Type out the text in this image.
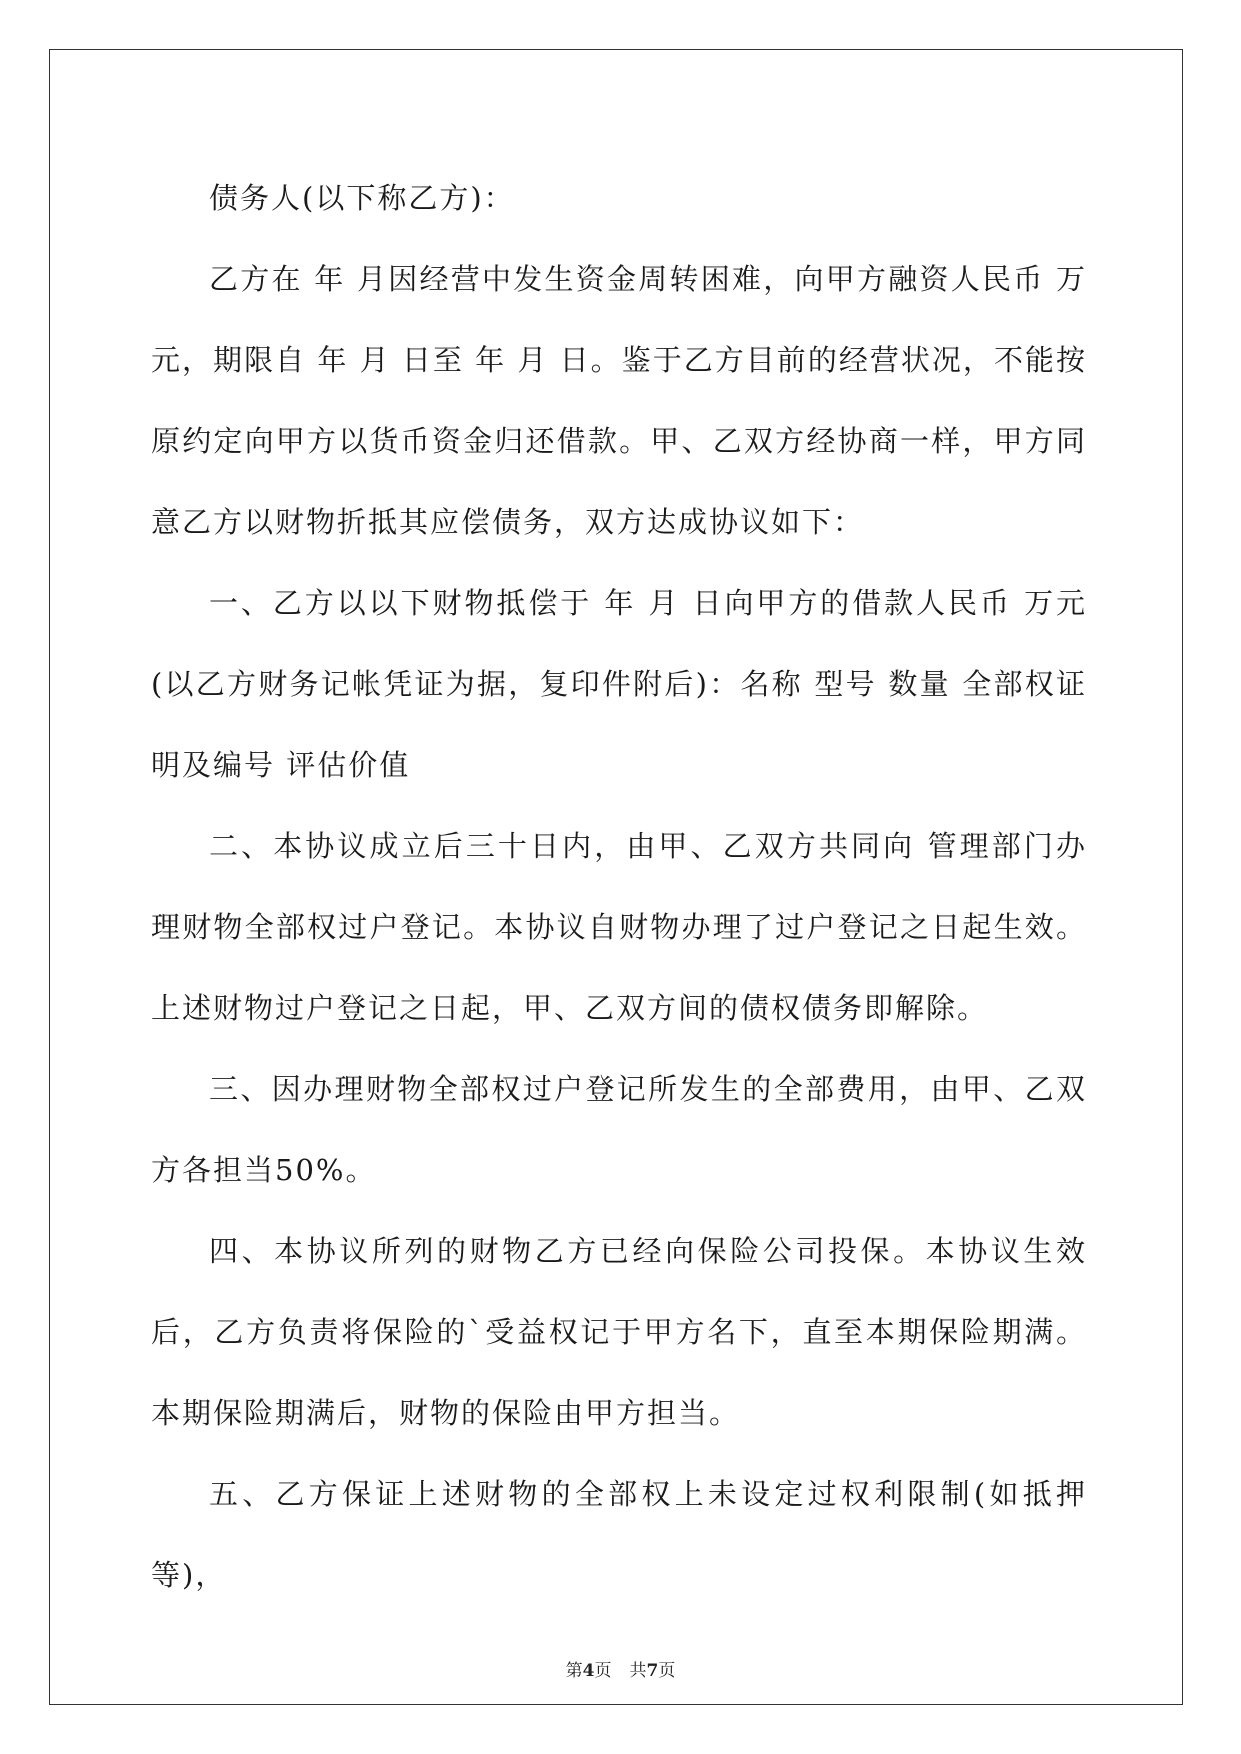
债务人(以下称乙方)：

乙方在 年 月因经营中发生资金周转困难，向甲方融资人民币 万元，期限自 年 月 日至 年 月 日。鉴于乙方目前的经营状况，不能按原约定向甲方以货币资金归还借款。甲、乙双方经协商一样，甲方同意乙方以财物折抵其应偿债务，双方达成协议如下：

一、乙方以以下财物抵偿于 年 月 日向甲方的借款人民币 万元(以乙方财务记帐凭证为据，复印件附后)：名称 型号 数量 全部权证明及编号 评估价值

二、本协议成立后三十日内，由甲、乙双方共同向 管理部门办理财物全部权过户登记。本协议自财物办理了过户登记之日起生效。上述财物过户登记之日起，甲、乙双方间的债权债务即解除。

三、因办理财物全部权过户登记所发生的全部费用，由甲、乙双方各担当50%。

四、本协议所列的财物乙方已经向保险公司投保。本协议生效后，乙方负责将保险的`受益权记于甲方名下，直至本期保险期满。本期保险期满后，财物的保险由甲方担当。

五、乙方保证上述财物的全部权上未设定过权利限制(如抵押等)，

第4页 共7页
